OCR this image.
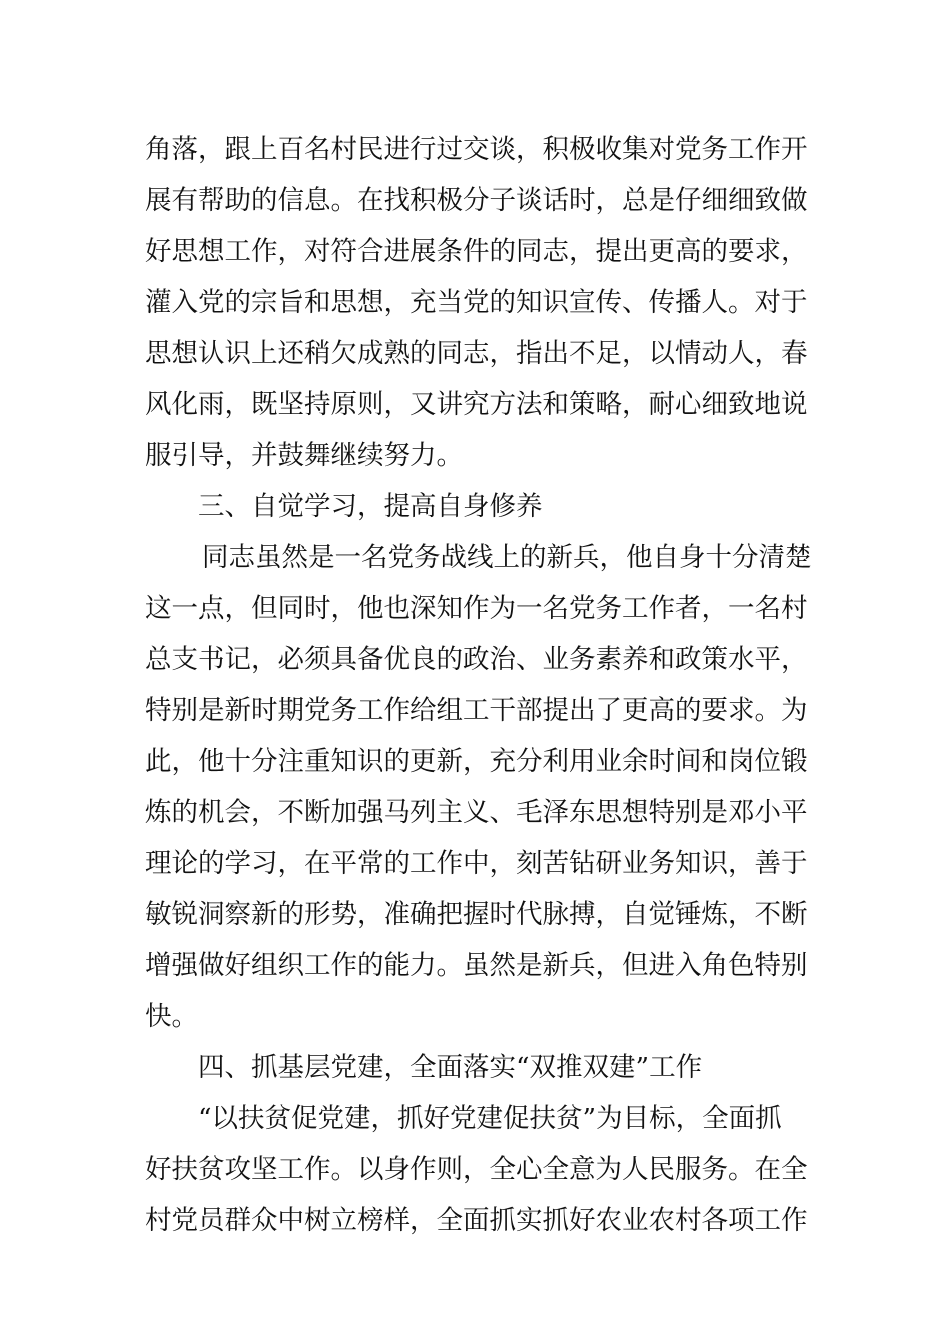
角落，跟上百名村民进行过交谈，积极收集对党务工作开
展有帮助的信息。在找积极分子谈话时，总是仔细细致做
好思想工作，对符合进展条件的同志，提出更高的要求，
灌入党的宗旨和思想，充当党的知识宣传、传播人。对于
思想认识上还稍欠成熟的同志，指出不足，以情动人，春
风化雨，既坚持原则，又讲究方法和策略，耐心细致地说
服引导，并鼓舞继续努力。
三、自觉学习，提高自身修养
同志虽然是一名党务战线上的新兵，他自身十分清楚
这一点，但同时，他也深知作为一名党务工作者，一名村
总支书记，必须具备优良的政治、业务素养和政策水平，
特别是新时期党务工作给组工干部提出了更高的要求。为
此，他十分注重知识的更新，充分利用业余时间和岗位锻
炼的机会，不断加强马列主义、毛泽东思想特别是邓小平
理论的学习，在平常的工作中，刻苦钻研业务知识，善于
敏锐洞察新的形势，准确把握时代脉搏，自觉锤炼，不断
增强做好组织工作的能力。虽然是新兵，但进入角色特别
快。
四、抓基层党建，全面落实“双推双建”工作
“以扶贫促党建，抓好党建促扶贫”为目标，全面抓
好扶贫攻坚工作。以身作则，全心全意为人民服务。在全
村党员群众中树立榜样，全面抓实抓好农业农村各项工作
